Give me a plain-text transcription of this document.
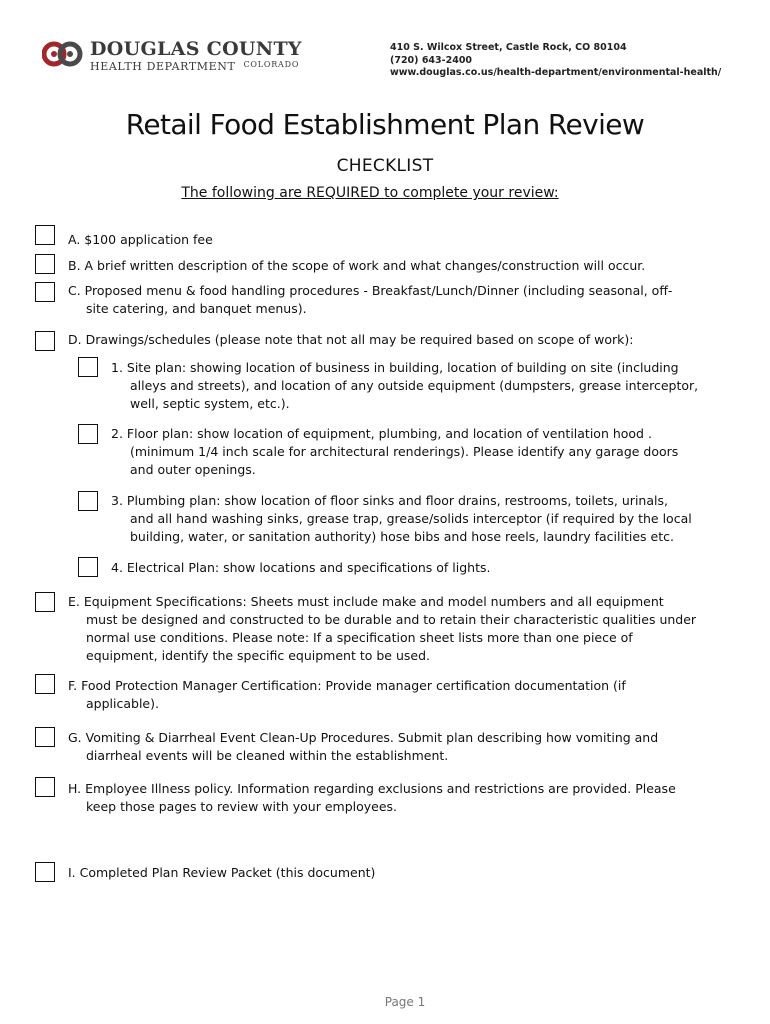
DOUGLAS COUNTY
HEALTH DEPARTMENT $^{COLORADO}$
410 S. Wilcox Street, Castle Rock, CO 80104
(720) 643-2400
www.douglas.co.us/health-department/environmental-health/
Retail Food Establishment Plan Review
CHECKLIST
The following are REQUIRED to complete your review:
A. $100 application fee
B. A brief written description of the scope of work and what changes/construction will occur.
C. Proposed menu & food handling procedures - Breakfast/Lunch/Dinner (including seasonal, off-
site catering, and banquet menus).
D. Drawings/schedules (please note that not all may be required based on scope of work):
1. Site plan: showing location of business in building, location of building on site (including
alleys and streets), and location of any outside equipment (dumpsters, grease interceptor,
well, septic system, etc.).
2. Floor plan: show location of equipment, plumbing, and location of ventilation hood .
(minimum 1/4 inch scale for architectural renderings). Please identify any garage doors
and outer openings.
3. Plumbing plan: show location of floor sinks and floor drains, restrooms, toilets, urinals,
and all hand washing sinks, grease trap, grease/solids interceptor (if required by the local
building, water, or sanitation authority) hose bibs and hose reels, laundry facilities etc.
4. Electrical Plan: show locations and specifications of lights.
E. Equipment Specifications: Sheets must include make and model numbers and all equipment
must be designed and constructed to be durable and to retain their characteristic qualities under
normal use conditions. Please note: If a specification sheet lists more than one piece of
equipment, identify the specific equipment to be used.
F. Food Protection Manager Certification: Provide manager certification documentation (if
applicable).
G. Vomiting & Diarrheal Event Clean-Up Procedures. Submit plan describing how vomiting and
diarrheal events will be cleaned within the establishment.
H. Employee Illness policy. Information regarding exclusions and restrictions are provided. Please
keep those pages to review with your employees.
I. Completed Plan Review Packet (this document)
Page 1
